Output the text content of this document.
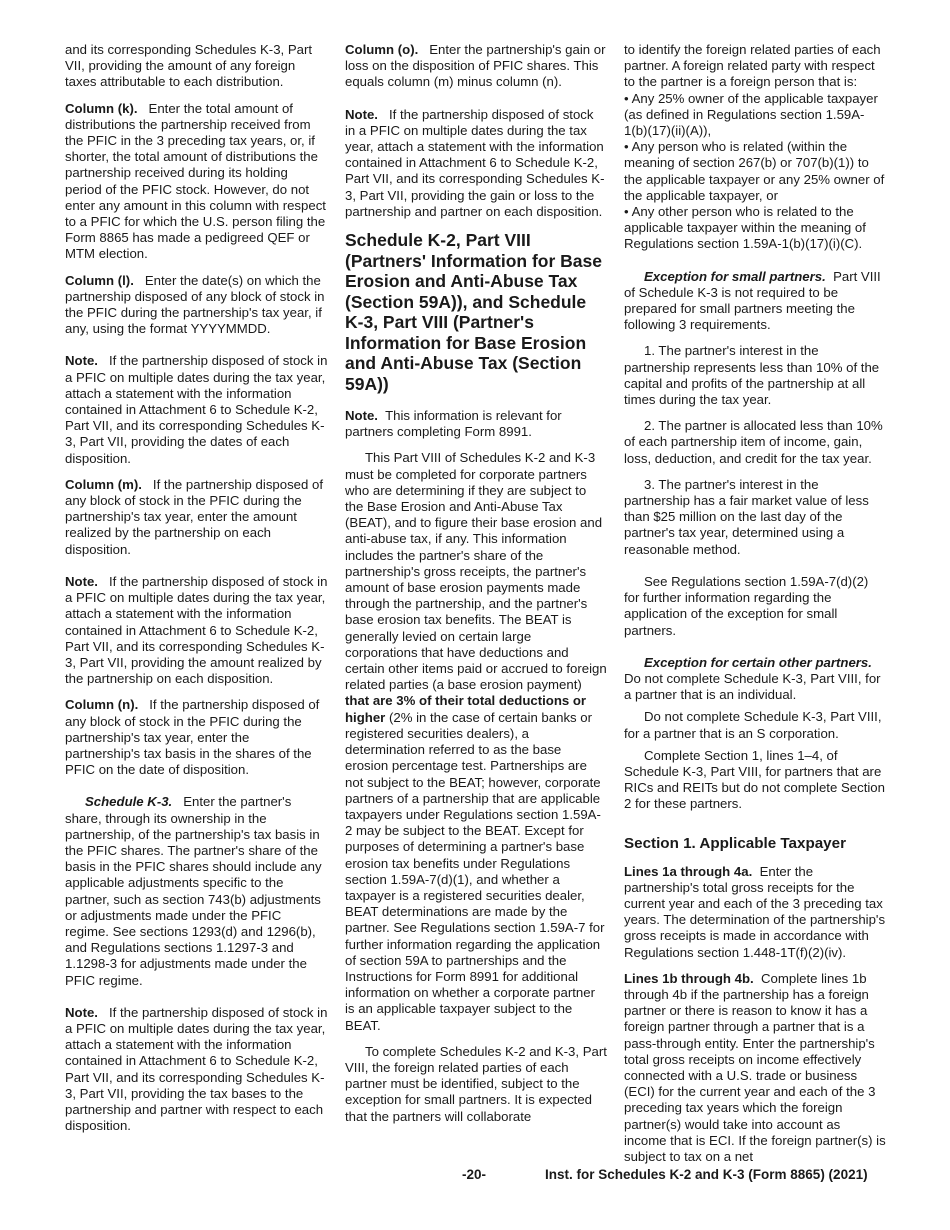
and its corresponding Schedules K-3, Part VII, providing the amount of any foreign taxes attributable to each distribution.

Column (k). Enter the total amount of distributions the partnership received from the PFIC in the 3 preceding tax years, or, if shorter, the total amount of distributions the partnership received during its holding period of the PFIC stock. However, do not enter any amount in this column with respect to a PFIC for which the U.S. person filing the Form 8865 has made a pedigreed QEF or MTM election.

Column (l). Enter the date(s) on which the partnership disposed of any block of stock in the PFIC during the partnership's tax year, if any, using the format YYYYMMDD.

Note. If the partnership disposed of stock in a PFIC on multiple dates during the tax year, attach a statement with the information contained in Attachment 6 to Schedule K-2, Part VII, and its corresponding Schedules K-3, Part VII, providing the dates of each disposition.

Column (m). If the partnership disposed of any block of stock in the PFIC during the partnership's tax year, enter the amount realized by the partnership on each disposition.

Note. If the partnership disposed of stock in a PFIC on multiple dates during the tax year, attach a statement with the information contained in Attachment 6 to Schedule K-2, Part VII, and its corresponding Schedules K-3, Part VII, providing the amount realized by the partnership on each disposition.

Column (n). If the partnership disposed of any block of stock in the PFIC during the partnership's tax year, enter the partnership's tax basis in the shares of the PFIC on the date of disposition.

Schedule K-3. Enter the partner's share, through its ownership in the partnership, of the partnership's tax basis in the PFIC shares. The partner's share of the basis in the PFIC shares should include any applicable adjustments specific to the partner, such as section 743(b) adjustments or adjustments made under the PFIC regime. See sections 1293(d) and 1296(b), and Regulations sections 1.1297-3 and 1.1298-3 for adjustments made under the PFIC regime.

Note. If the partnership disposed of stock in a PFIC on multiple dates during the tax year, attach a statement with the information contained in Attachment 6 to Schedule K-2, Part VII, and its corresponding Schedules K-3, Part VII, providing the tax bases to the partnership and partner with respect to each disposition.

Column (o). Enter the partnership's gain or loss on the disposition of PFIC shares. This equals column (m) minus column (n).

Note. If the partnership disposed of stock in a PFIC on multiple dates during the tax year, attach a statement with the information contained in Attachment 6 to Schedule K-2, Part VII, and its corresponding Schedules K-3, Part VII, providing the gain or loss to the partnership and partner on each disposition.

Schedule K-2, Part VIII (Partners' Information for Base Erosion and Anti-Abuse Tax (Section 59A)), and Schedule K-3, Part VIII (Partner's Information for Base Erosion and Anti-Abuse Tax (Section 59A))

Note. This information is relevant for partners completing Form 8991.

This Part VIII of Schedules K-2 and K-3 must be completed for corporate partners who are determining if they are subject to the Base Erosion and Anti-Abuse Tax (BEAT), and to figure their base erosion and anti-abuse tax, if any. This information includes the partner's share of the partnership's gross receipts, the partner's amount of base erosion payments made through the partnership, and the partner's base erosion tax benefits. The BEAT is generally levied on certain large corporations that have deductions and certain other items paid or accrued to foreign related parties (a base erosion payment) that are 3% of their total deductions or higher (2% in the case of certain banks or registered securities dealers), a determination referred to as the base erosion percentage test. Partnerships are not subject to the BEAT; however, corporate partners of a partnership that are applicable taxpayers under Regulations section 1.59A-2 may be subject to the BEAT. Except for purposes of determining a partner's base erosion tax benefits under Regulations section 1.59A-7(d)(1), and whether a taxpayer is a registered securities dealer, BEAT determinations are made by the partner. See Regulations section 1.59A-7 for further information regarding the application of section 59A to partnerships and the Instructions for Form 8991 for additional information on whether a corporate partner is an applicable taxpayer subject to the BEAT.

To complete Schedules K-2 and K-3, Part VIII, the foreign related parties of each partner must be identified, subject to the exception for small partners. It is expected that the partners will collaborate

to identify the foreign related parties of each partner. A foreign related party with respect to the partner is a foreign person that is:

• Any 25% owner of the applicable taxpayer (as defined in Regulations section 1.59A-1(b)(17)(ii)(A)),
• Any person who is related (within the meaning of section 267(b) or 707(b)(1)) to the applicable taxpayer or any 25% owner of the applicable taxpayer, or
• Any other person who is related to the applicable taxpayer within the meaning of Regulations section 1.59A-1(b)(17)(i)(C).

Exception for small partners. Part VIII of Schedule K-3 is not required to be prepared for small partners meeting the following 3 requirements.

1. The partner's interest in the partnership represents less than 10% of the capital and profits of the partnership at all times during the tax year.

2. The partner is allocated less than 10% of each partnership item of income, gain, loss, deduction, and credit for the tax year.

3. The partner's interest in the partnership has a fair market value of less than $25 million on the last day of the partner's tax year, determined using a reasonable method.

See Regulations section 1.59A-7(d)(2) for further information regarding the application of the exception for small partners.

Exception for certain other partners.  Do not complete Schedule K-3, Part VIII, for a partner that is an individual.

Do not complete Schedule K-3, Part VIII, for a partner that is an S corporation.

Complete Section 1, lines 1–4, of Schedule K-3, Part VIII, for partners that are RICs and REITs but do not complete Section 2 for these partners.

Section 1. Applicable Taxpayer

Lines 1a through 4a. Enter the partnership's total gross receipts for the current year and each of the 3 preceding tax years. The determination of the partnership's gross receipts is made in accordance with Regulations section 1.448-1T(f)(2)(iv).

Lines 1b through 4b. Complete lines 1b through 4b if the partnership has a foreign partner or there is reason to know it has a foreign partner through a partner that is a pass-through entity. Enter the partnership's total gross receipts on income effectively connected with a U.S. trade or business (ECI) for the current year and each of the 3 preceding tax years which the foreign partner(s) would take into account as income that is ECI. If the foreign partner(s) is subject to tax on a net

-20-	Inst. for Schedules K-2 and K-3 (Form 8865) (2021)
